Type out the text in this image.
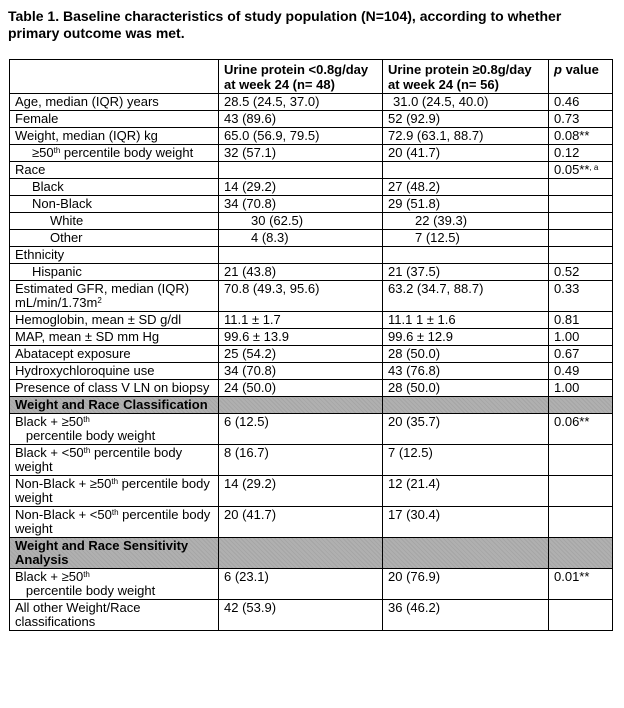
Table 1. Baseline characteristics of study population (N=104), according to whether primary outcome was met.
	Urine protein <0.8g/day at week 24 (n= 48)	Urine protein ≥0.8g/day at week 24 (n= 56)	p value
Age, median (IQR) years	28.5 (24.5, 37.0)	31.0 (24.5, 40.0)	0.46
Female	43 (89.6)	52 (92.9)	0.73
Weight, median (IQR) kg	65.0 (56.9, 79.5)	72.9 (63.1, 88.7)	0.08**
≥50th percentile body weight	32 (57.1)	20 (41.7)	0.12
Race			0.05**$^{, a}$
Black	14 (29.2)	27 (48.2)	
Non-Black	34 (70.8)	29 (51.8)	
White	30 (62.5)	22 (39.3)	
Other	4 (8.3)	7 (12.5)	
Ethnicity			
Hispanic	21 (43.8)	21 (37.5)	0.52
Estimated GFR, median (IQR) $mL/\min/1.73m^2$	70.8 (49.3, 95.6)	63.2 (34.7, 88.7)	0.33
Hemoglobin, mean ± SD g/dl	11.1 ± 1.7	11.1 1 ± 1.6	0.81
MAP, mean ± SD mm Hg	99.6 ± 13.9	99.6 ± 12.9	1.00
Abatacept exposure	25 (54.2)	28 (50.0)	0.67
Hydroxychloroquine use	34 (70.8)	43 (76.8)	0.49
Presence of class V LN on biopsy	24 (50.0)	28 (50.0)	1.00
Weight and Race Classification			
Black + ≥50th   percentile body weight	6 (12.5)	20 (35.7)	0.06**
Black + <50th percentile body weight	8 (16.7)	7 (12.5)	
Non-Black + ≥50th percentile body weight	14 (29.2)	12 (21.4)	
Non-Black + <50th percentile body weight	20 (41.7)	17 (30.4)	
Weight and Race Sensitivity Analysis			
Black + ≥50th   percentile body weight	6 (23.1)	20 (76.9)	0.01**
All other Weight/Race classifications	42 (53.9)	36 (46.2)	
